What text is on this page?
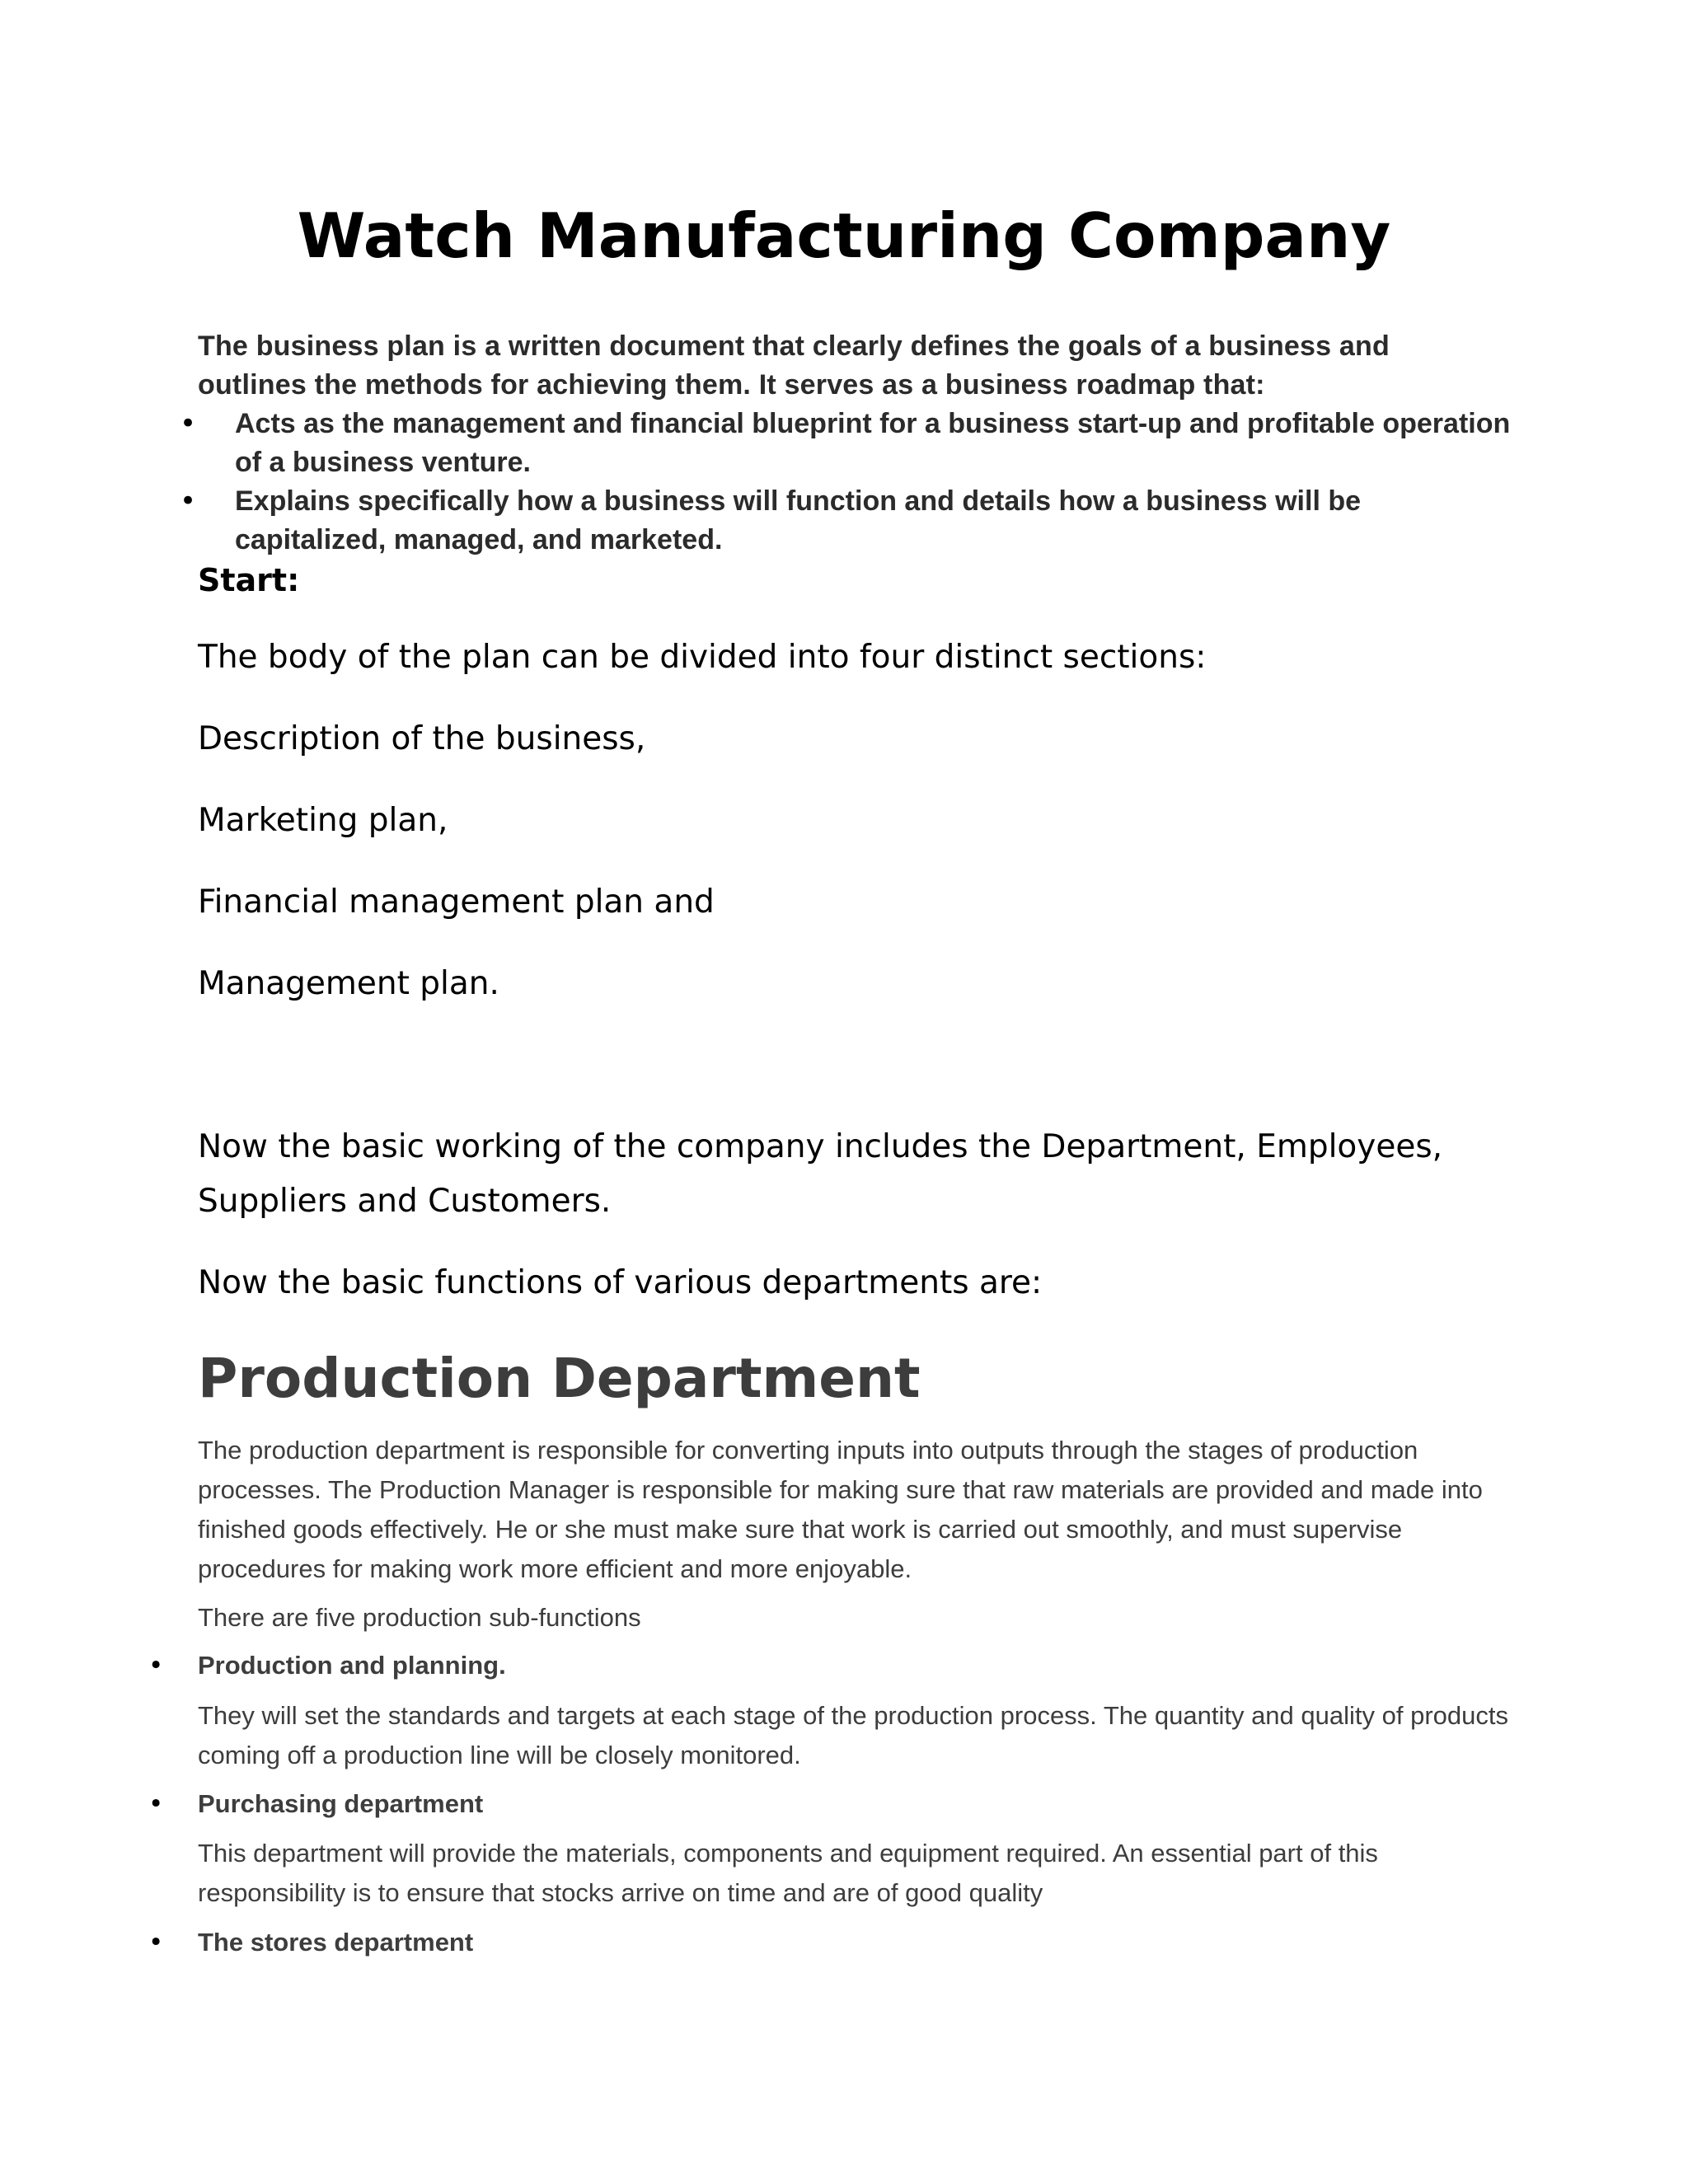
Watch Manufacturing Company

The business plan is a written document that clearly defines the goals of a business and outlines the methods for achieving them. It serves as a business roadmap that:

• Acts as the management and financial blueprint for a business start-up and profitable operation of a business venture.
• Explains specifically how a business will function and details how a business will be capitalized, managed, and marketed.
Start:
The body of the plan can be divided into four distinct sections:
Description of the business,
Marketing plan,
Financial management plan and
Management plan.
Now the basic working of the company includes the Department, Employees,
Suppliers and Customers.
Now the basic functions of various departments are:
Production Department

The production department is responsible for converting inputs into outputs through the stages of production processes. The Production Manager is responsible for making sure that raw materials are provided and made into finished goods effectively. He or she must make sure that work is carried out smoothly, and must supervise procedures for making work more efficient and more enjoyable.

There are five production sub-functions

• Production and planning.

They will set the standards and targets at each stage of the production process. The quantity and quality of products coming off a production line will be closely monitored.

• Purchasing department

This department will provide the materials, components and equipment required. An essential part of this responsibility is to ensure that stocks arrive on time and are of good quality

• The stores department
